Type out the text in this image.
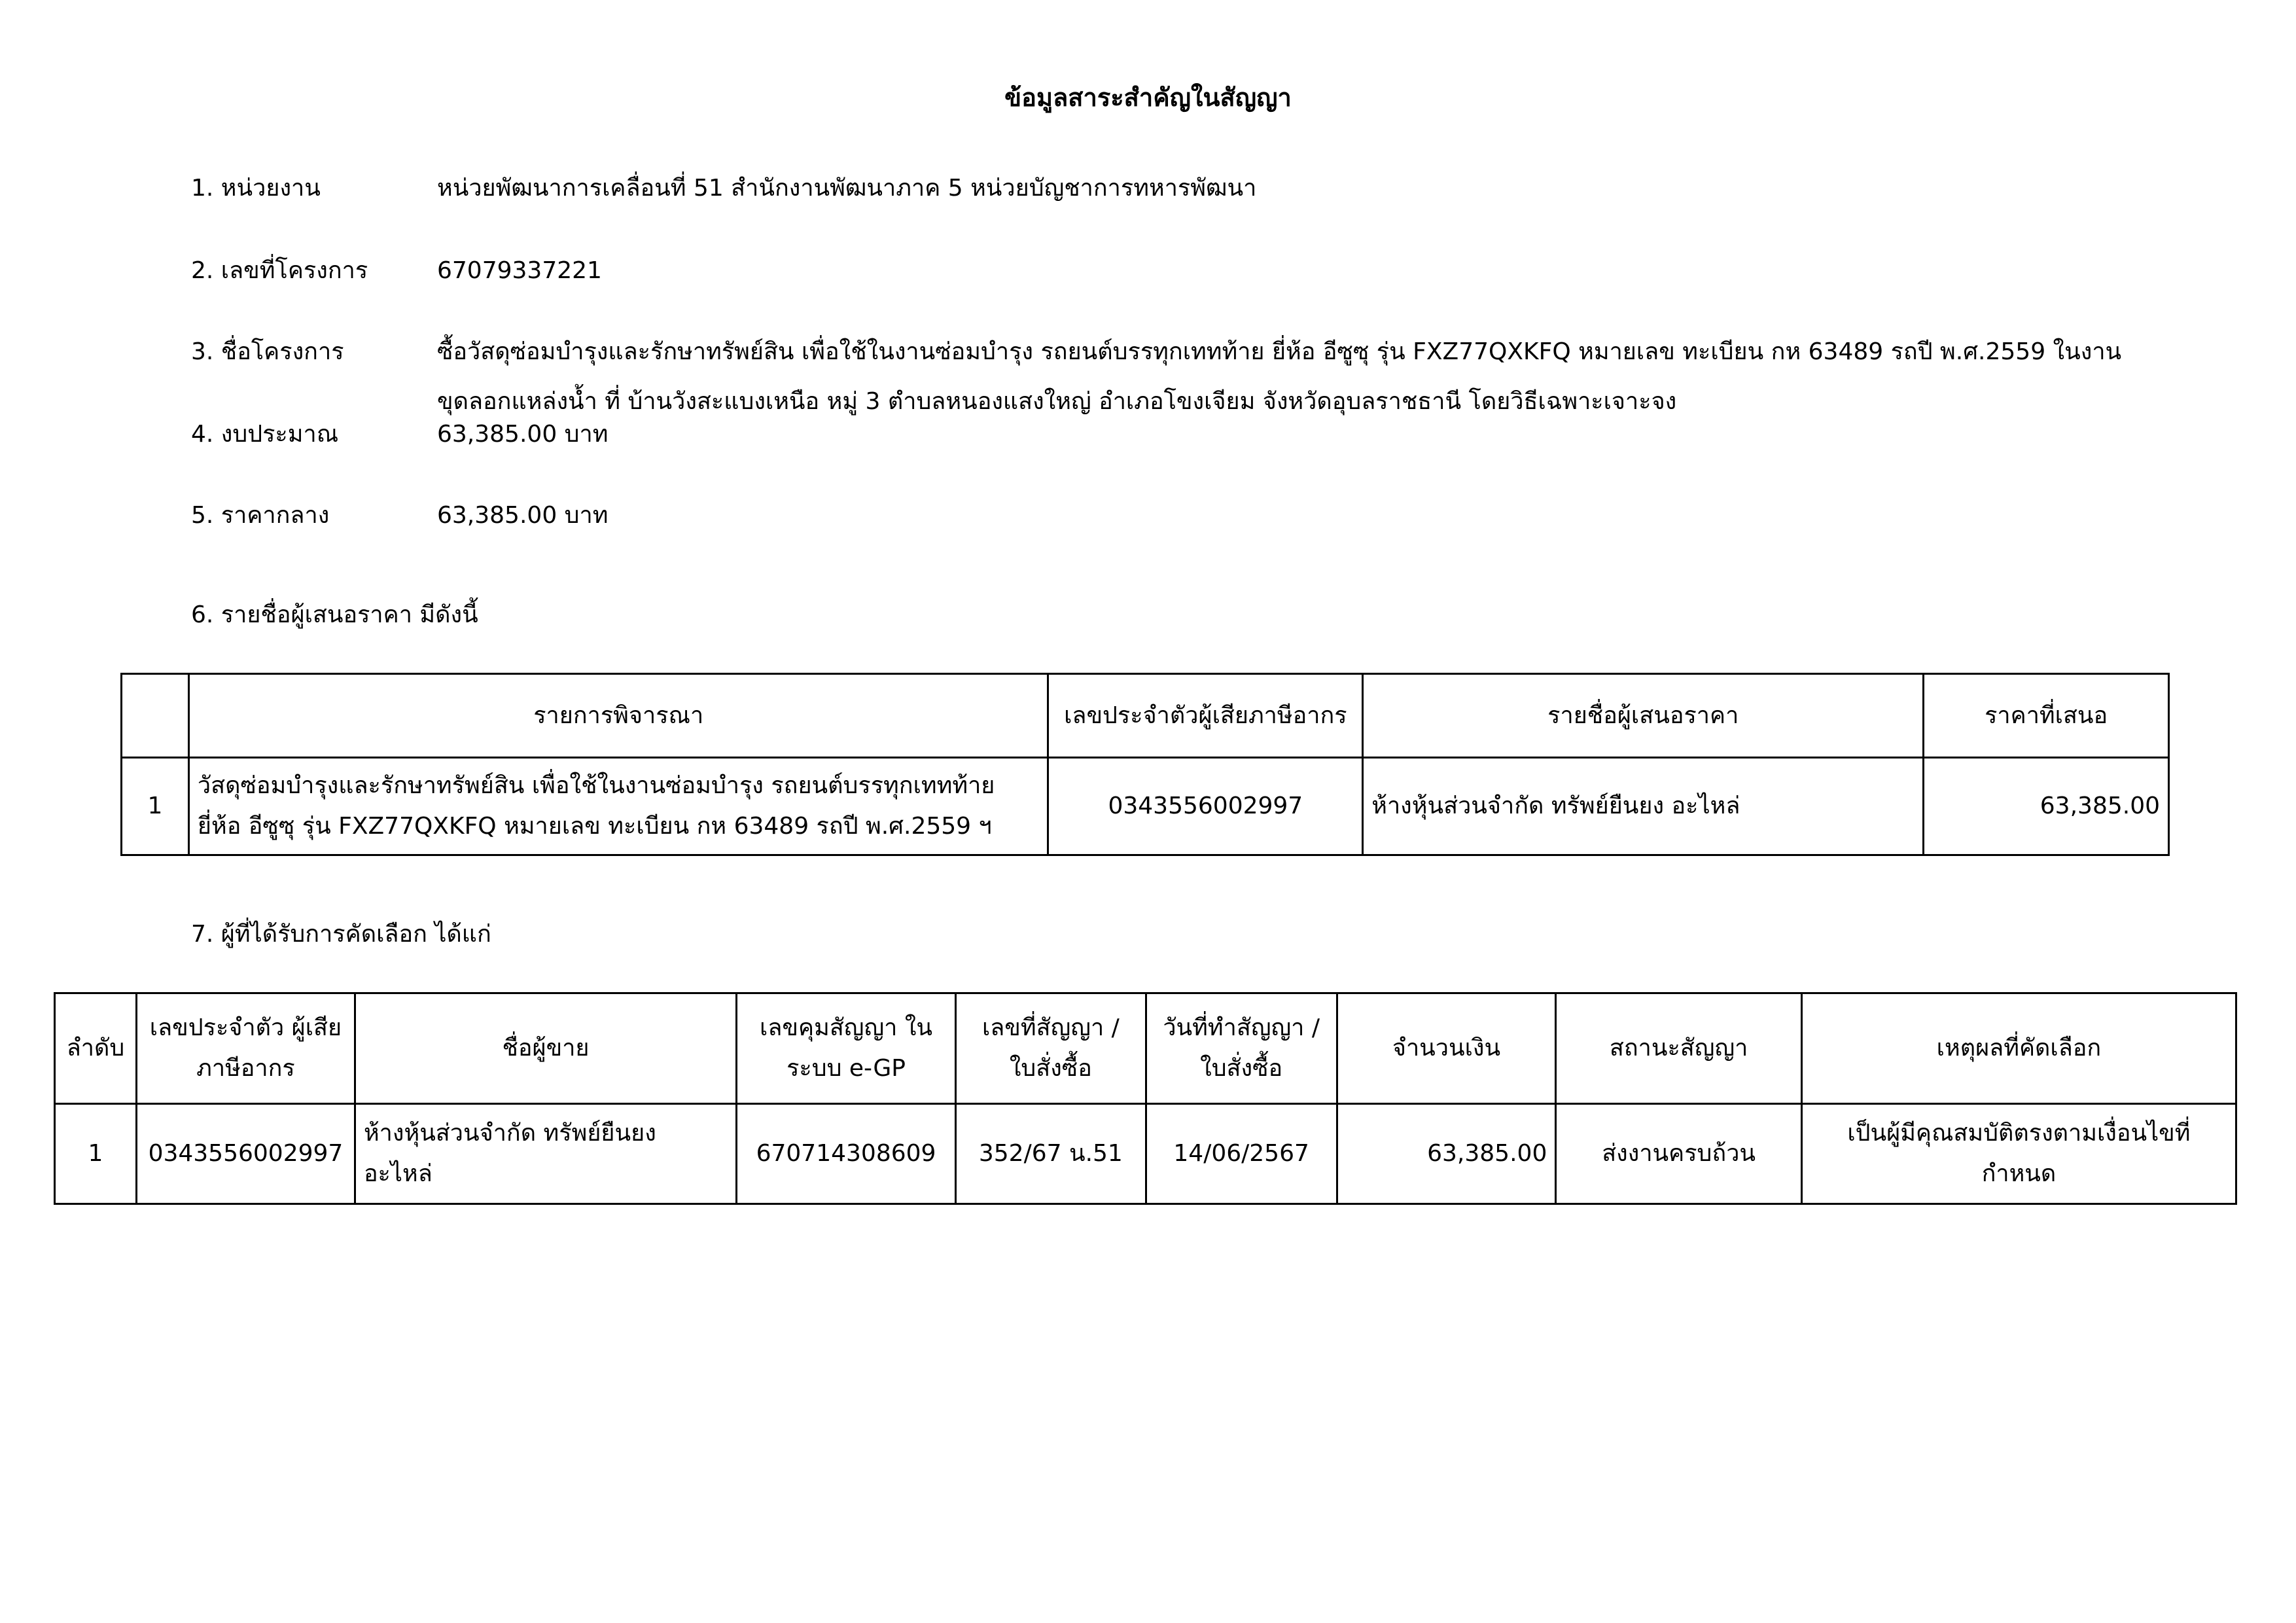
ข้อมูลสาระสำคัญในสัญญา
1. หน่วยงาน	หน่วยพัฒนาการเคลื่อนที่ 51 สำนักงานพัฒนาภาค 5 หน่วยบัญชาการทหารพัฒนา
2. เลขที่โครงการ	67079337221
3. ชื่อโครงการ	ซื้อวัสดุซ่อมบำรุงและรักษาทรัพย์สิน เพื่อใช้ในงานซ่อมบำรุง รถยนต์บรรทุกเททท้าย ยี่ห้อ อีซูซุ รุ่น FXZ77QXKFQ หมายเลข ทะเบียน กห 63489 รถปี พ.ศ.2559 ในงานขุดลอกแหล่งน้ำ ที่ บ้านวังสะแบงเหนือ หมู่ 3 ตำบลหนองแสงใหญ่ อำเภอโขงเจียม จังหวัดอุบลราชธานี โดยวิธีเฉพาะเจาะจง
4. งบประมาณ	63,385.00 บาท
5. ราคากลาง	63,385.00 บาท
6. รายชื่อผู้เสนอราคา มีดังนี้
	รายการพิจารณา	เลขประจำตัวผู้เสียภาษีอากร	รายชื่อผู้เสนอราคา	ราคาที่เสนอ
1	วัสดุซ่อมบำรุงและรักษาทรัพย์สิน เพื่อใช้ในงานซ่อมบำรุง รถยนต์บรรทุกเททท้าย ยี่ห้อ อีซูซุ รุ่น FXZ77QXKFQ หมายเลข ทะเบียน กห 63489 รถปี พ.ศ.2559 ฯ	0343556002997	ห้างหุ้นส่วนจำกัด ทรัพย์ยืนยง อะไหล่	63,385.00
7. ผู้ที่ได้รับการคัดเลือก ได้แก่
ลำดับ	เลขประจำตัว ผู้เสียภาษีอากร	ชื่อผู้ขาย	เลขคุมสัญญา ในระบบ e-GP	เลขที่สัญญา / ใบสั่งซื้อ	วันที่ทำสัญญา / ใบสั่งซื้อ	จำนวนเงิน	สถานะสัญญา	เหตุผลที่คัดเลือก
1	0343556002997	ห้างหุ้นส่วนจำกัด ทรัพย์ยืนยง อะไหล่	670714308609	352/67 น.51	14/06/2567	63,385.00	ส่งงานครบถ้วน	เป็นผู้มีคุณสมบัติตรงตามเงื่อนไขที่กำหนด
